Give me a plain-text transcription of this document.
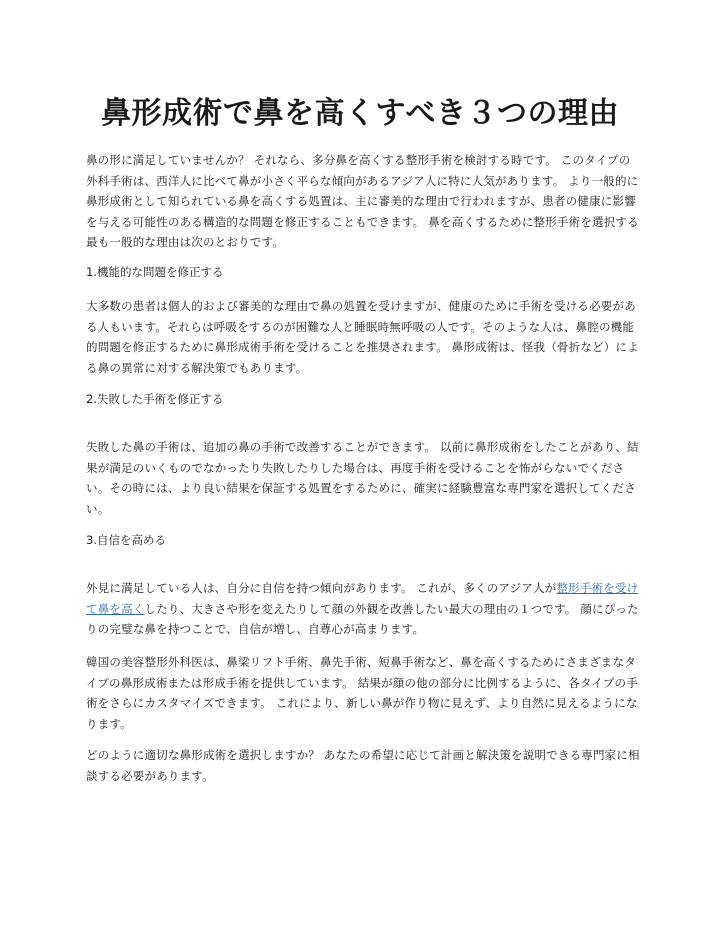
鼻形成術で鼻を高くすべき３つの理由

鼻の形に満足していませんか？ それなら、多分鼻を高くする整形手術を検討する時です。 このタイプの外科手術は、西洋人に比べて鼻が小さく平らな傾向があるアジア人に特に人気があります。 より一般的に鼻形成術として知られている鼻を高くする処置は、主に審美的な理由で行われますが、患者の健康に影響を与える可能性のある構造的な問題を修正することもできます。 鼻を高くするために整形手術を選択する最も一般的な理由は次のとおりです。

1.機能的な問題を修正する

大多数の患者は個人的および審美的な理由で鼻の処置を受けますが、健康のために手術を受ける必要がある人もいます。それらは呼吸をするのが困難な人と睡眠時無呼吸の人です。そのような人は、鼻腔の機能的問題を修正するために鼻形成術手術を受けることを推奨されます。 鼻形成術は、怪我（骨折など）による鼻の異常に対する解決策でもあります。

2.失敗した手術を修正する

失敗した鼻の手術は、追加の鼻の手術で改善することができます。 以前に鼻形成術をしたことがあり、結果が満足のいくものでなかったり失敗したりした場合は、再度手術を受けることを怖がらないでください。その時には、より良い結果を保証する処置をするために、確実に経験豊富な専門家を選択してください。

3.自信を高める

外見に満足している人は、自分に自信を持つ傾向があります。 これが、多くのアジア人が整形手術を受けて鼻を高くしたり、大きさや形を変えたりして顔の外観を改善したい最大の理由の１つです。 顔にぴったりの完璧な鼻を持つことで、自信が増し、自尊心が高まります。

韓国の美容整形外科医は、鼻梁リフト手術、鼻先手術、短鼻手術など、鼻を高くするためにさまざまなタイプの鼻形成術または形成手術を提供しています。 結果が顔の他の部分に比例するように、各タイプの手術をさらにカスタマイズできます。 これにより、新しい鼻が作り物に見えず、より自然に見えるようになります。

どのように適切な鼻形成術を選択しますか？ あなたの希望に応じて計画と解決策を説明できる専門家に相談する必要があります。
